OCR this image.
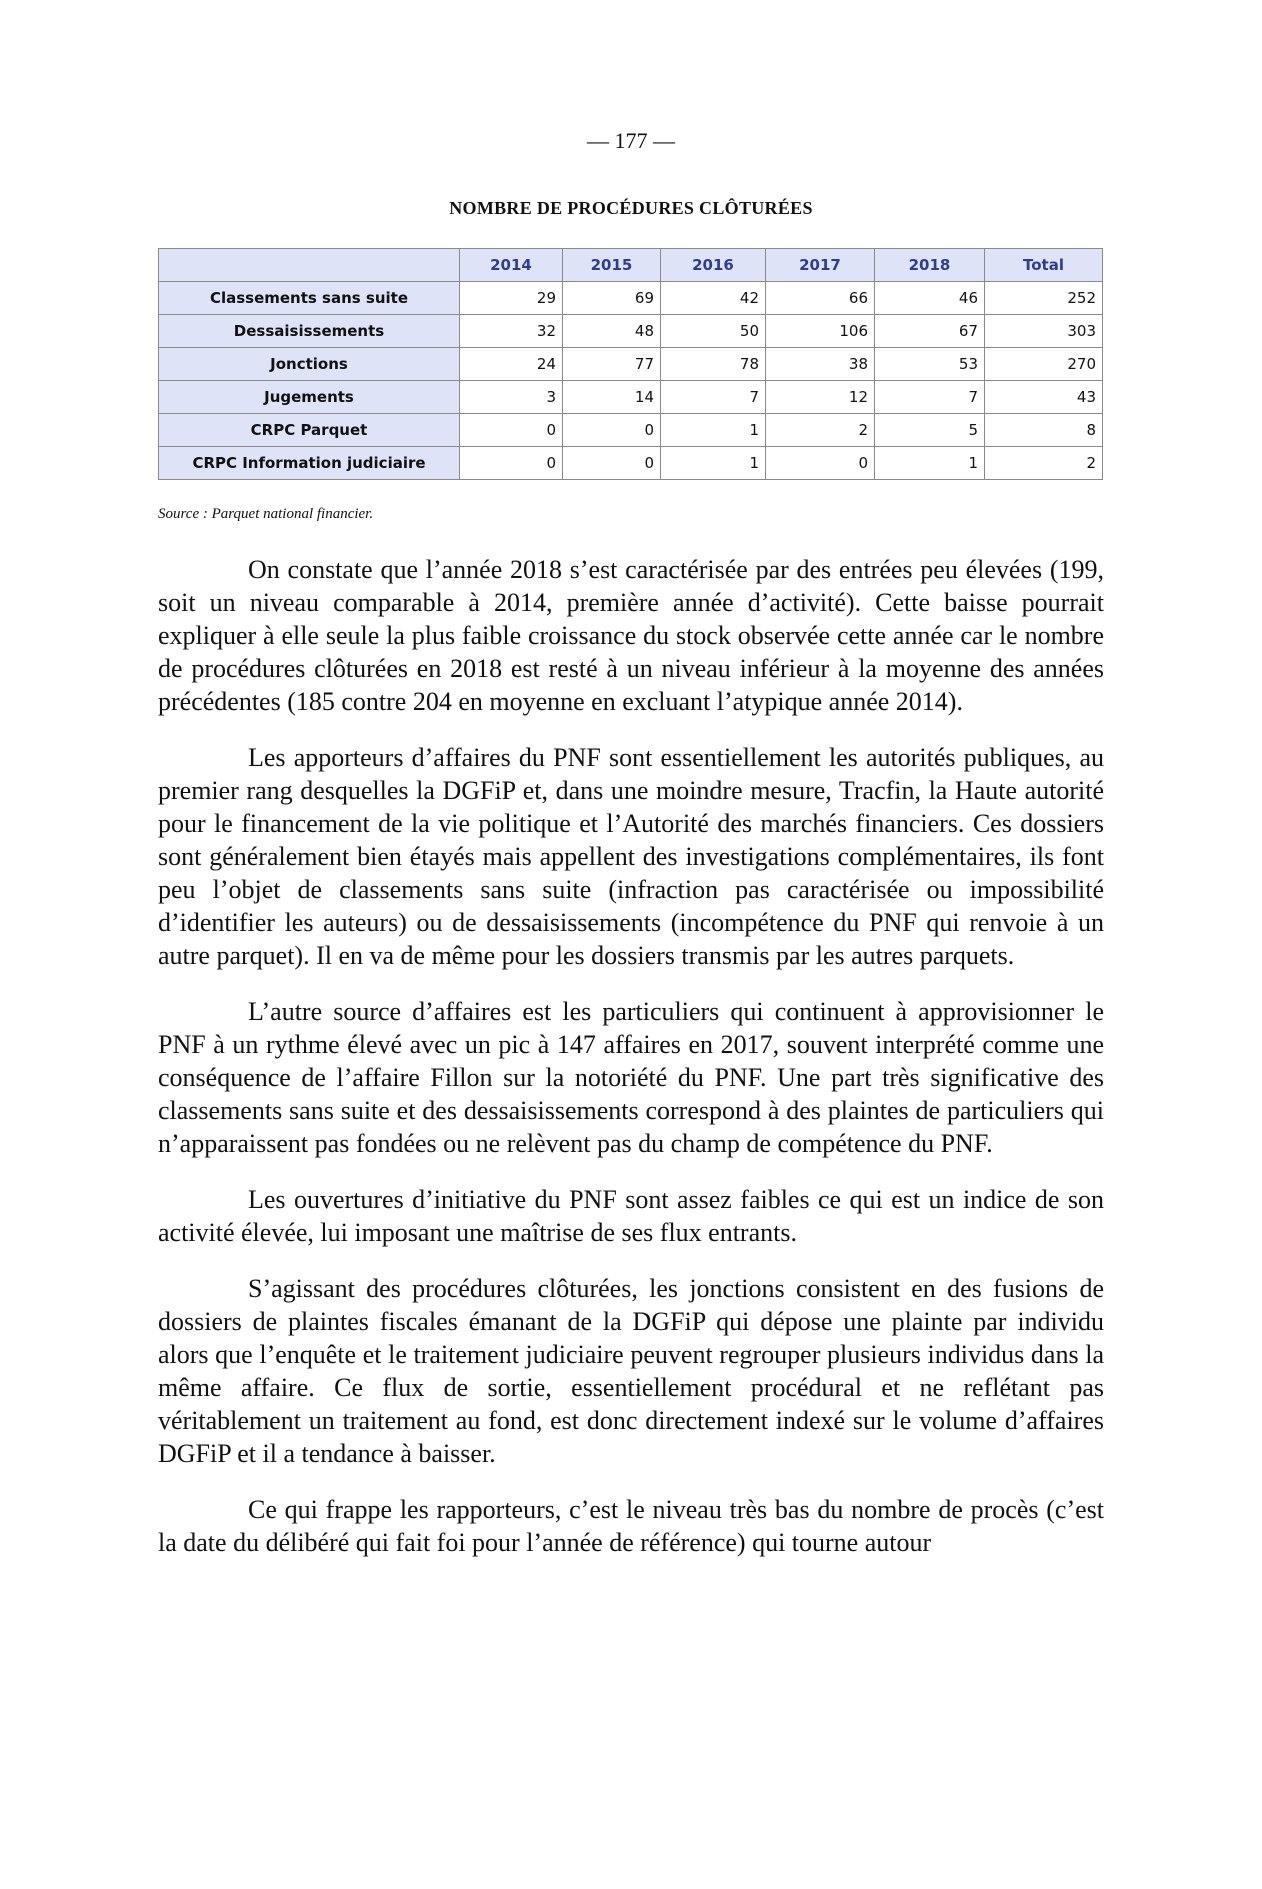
— 177 —
NOMBRE DE PROCÉDURES CLÔTURÉES
	2014	2015	2016	2017	2018	Total
Classements sans suite	29	69	42	66	46	252
Dessaisissements	32	48	50	106	67	303
Jonctions	24	77	78	38	53	270
Jugements	3	14	7	12	7	43
CRPC Parquet	0	0	1	2	5	8
CRPC Information judiciaire	0	0	1	0	1	2
Source : Parquet national financier.

On constate que l’année 2018 s’est caractérisée par des entrées peu élevées (199, soit un niveau comparable à 2014, première année d’activité). Cette baisse pourrait expliquer à elle seule la plus faible croissance du stock observée cette année car le nombre de procédures clôturées en 2018 est resté à un niveau inférieur à la moyenne des années précédentes (185 contre 204 en moyenne en excluant l’atypique année 2014).

Les apporteurs d’affaires du PNF sont essentiellement les autorités publiques, au premier rang desquelles la DGFiP et, dans une moindre mesure, Tracfin, la Haute autorité pour le financement de la vie politique et l’Autorité des marchés financiers. Ces dossiers sont généralement bien étayés mais appellent des investigations complémentaires, ils font peu l’objet de classements sans suite (infraction pas caractérisée ou impossibilité d’identifier les auteurs) ou de dessaisissements (incompétence du PNF qui renvoie à un autre parquet). Il en va de même pour les dossiers transmis par les autres parquets.

L’autre source d’affaires est les particuliers qui continuent à approvisionner le PNF à un rythme élevé avec un pic à 147 affaires en 2017, souvent interprété comme une conséquence de l’affaire Fillon sur la notoriété du PNF. Une part très significative des classements sans suite et des dessaisissements correspond à des plaintes de particuliers qui n’apparaissent pas fondées ou ne relèvent pas du champ de compétence du PNF.

Les ouvertures d’initiative du PNF sont assez faibles ce qui est un indice de son activité élevée, lui imposant une maîtrise de ses flux entrants.

S’agissant des procédures clôturées, les jonctions consistent en des fusions de dossiers de plaintes fiscales émanant de la DGFiP qui dépose une plainte par individu alors que l’enquête et le traitement judiciaire peuvent regrouper plusieurs individus dans la même affaire. Ce flux de sortie, essentiellement procédural et ne reflétant pas véritablement un traitement au fond, est donc directement indexé sur le volume d’affaires DGFiP et il a tendance à baisser.

Ce qui frappe les rapporteurs, c’est le niveau très bas du nombre de procès (c’est la date du délibéré qui fait foi pour l’année de référence) qui tourne autour
